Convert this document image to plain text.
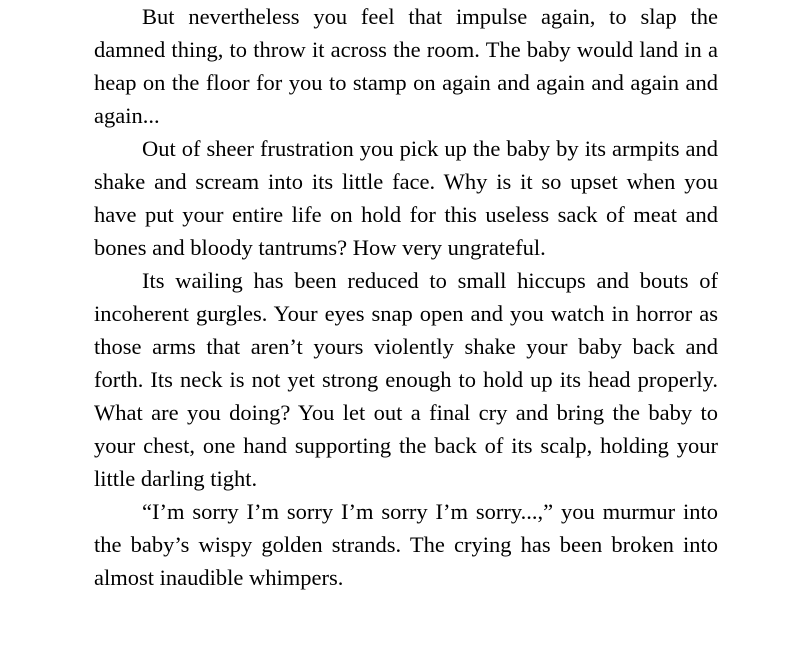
But nevertheless you feel that impulse again, to slap the damned thing, to throw it across the room. The baby would land in a heap on the floor for you to stamp on again and again and again and again...

Out of sheer frustration you pick up the baby by its armpits and shake and scream into its little face. Why is it so upset when you have put your entire life on hold for this useless sack of meat and bones and bloody tantrums? How very ungrateful.

Its wailing has been reduced to small hiccups and bouts of incoherent gurgles. Your eyes snap open and you watch in horror as those arms that aren’t yours violently shake your baby back and forth. Its neck is not yet strong enough to hold up its head properly. What are you doing? You let out a final cry and bring the baby to your chest, one hand supporting the back of its scalp, holding your little darling tight.

“I’m sorry I’m sorry I’m sorry I’m sorry...,” you murmur into the baby’s wispy golden strands. The crying has been broken into almost inaudible whimpers.
